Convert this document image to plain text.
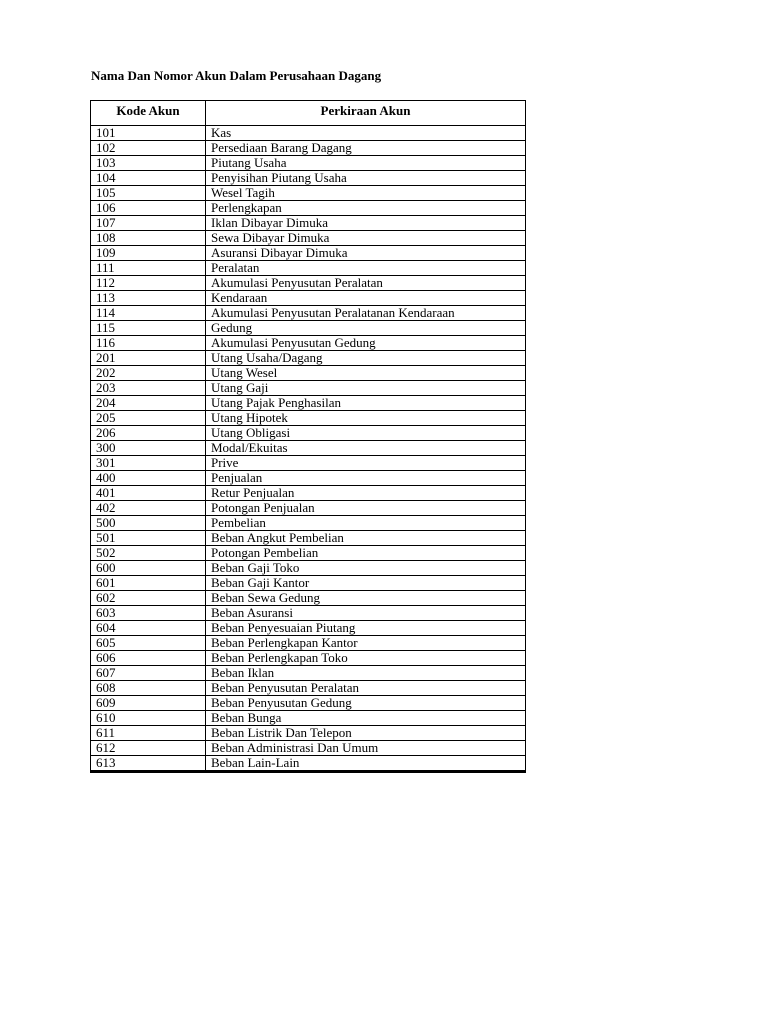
Nama Dan Nomor Akun Dalam Perusahaan Dagang
Kode Akun	Perkiraan Akun
101	Kas
102	Persediaan Barang Dagang
103	Piutang Usaha
104	Penyisihan Piutang Usaha
105	Wesel Tagih
106	Perlengkapan
107	Iklan Dibayar Dimuka
108	Sewa Dibayar Dimuka
109	Asuransi Dibayar Dimuka
111	Peralatan
112	Akumulasi Penyusutan Peralatan
113	Kendaraan
114	Akumulasi Penyusutan Peralatanan Kendaraan
115	Gedung
116	Akumulasi Penyusutan Gedung
201	Utang Usaha/Dagang
202	Utang Wesel
203	Utang Gaji
204	Utang Pajak Penghasilan
205	Utang Hipotek
206	Utang Obligasi
300	Modal/Ekuitas
301	Prive
400	Penjualan
401	Retur Penjualan
402	Potongan Penjualan
500	Pembelian
501	Beban Angkut Pembelian
502	Potongan Pembelian
600	Beban Gaji Toko
601	Beban Gaji Kantor
602	Beban Sewa Gedung
603	Beban Asuransi
604	Beban Penyesuaian Piutang
605	Beban Perlengkapan Kantor
606	Beban Perlengkapan Toko
607	Beban Iklan
608	Beban Penyusutan Peralatan
609	Beban Penyusutan Gedung
610	Beban Bunga
611	Beban Listrik Dan Telepon
612	Beban Administrasi Dan Umum
613	Beban Lain-Lain
